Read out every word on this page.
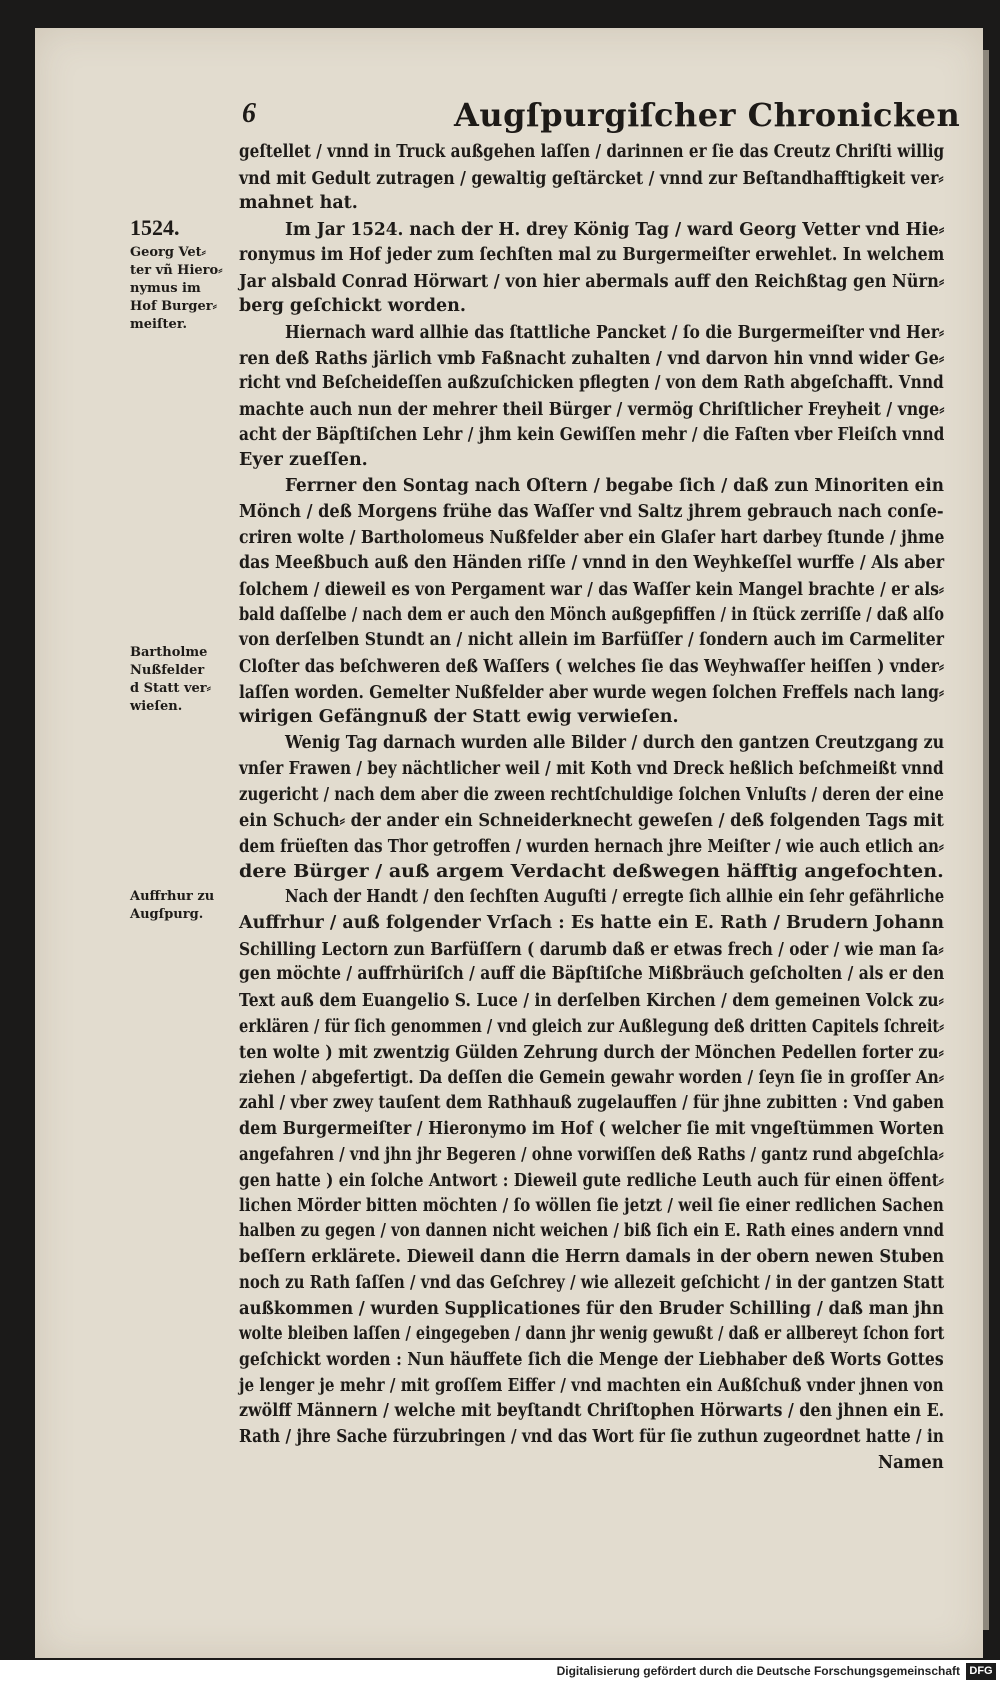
6	Augſpurgiſcher Chronicken
geſtellet / vnnd in Truck außgehen laſſen / darinnen er ſie das Creutz Chriſti willig
vnd mit Gedult zutragen / gewaltig geſtärcket / vnnd zur Beſtandhafftigkeit ver⸗
mahnet hat.
Im Jar 1524. nach der H. drey König Tag / ward Georg Vetter vnd Hie⸗
ronymus im Hof jeder zum ſechſten mal zu Burgermeiſter erwehlet. In welchem
Jar alsbald Conrad Hörwart / von hier abermals auff den Reichßtag gen Nürn⸗
berg geſchickt worden.
Hiernach ward allhie das ſtattliche Pancket / ſo die Burgermeiſter vnd Her⸗
ren deß Raths järlich vmb Faßnacht zuhalten / vnd darvon hin vnnd wider Ge⸗
richt vnd Beſcheideſſen außzuſchicken pflegten / von dem Rath abgeſchafft. Vnnd
machte auch nun der mehrer theil Bürger / vermög Chriſtlicher Freyheit / vnge⸗
acht der Bäpſtiſchen Lehr / jhm kein Gewiſſen mehr / die Faſten vber Fleiſch vnnd
Eyer zueſſen.
Ferrner den Sontag nach Oſtern / begabe ſich / daß zun Minoriten ein
Mönch / deß Morgens frühe das Waſſer vnd Saltz jhrem gebrauch nach conſe-
criren wolte / Bartholomeus Nußfelder aber ein Glaſer hart darbey ſtunde / jhme
das Meeßbuch auß den Händen riſſe / vnnd in den Weyhkeſſel wurffe / Als aber
ſolchem / dieweil es von Pergament war / das Waſſer kein Mangel brachte / er als⸗
bald daſſelbe / nach dem er auch den Mönch außgepfiffen / in ſtück zerriſſe / daß alſo
von derſelben Stundt an / nicht allein im Barfüſſer / ſondern auch im Carmeliter
Cloſter das beſchweren deß Waſſers ( welches ſie das Weyhwaſſer heiſſen ) vnder⸗
laſſen worden. Gemelter Nußfelder aber wurde wegen ſolchen Freffels nach lang⸗
wirigen Gefängnuß der Statt ewig verwieſen.
Wenig Tag darnach wurden alle Bilder / durch den gantzen Creutzgang zu
vnſer Frawen / bey nächtlicher weil / mit Koth vnd Dreck heßlich beſchmeißt vnnd
zugericht / nach dem aber die zween rechtſchuldige ſolchen Vnluſts / deren der eine
ein Schuch⸗ der ander ein Schneiderknecht geweſen / deß folgenden Tags mit
dem früeſten das Thor getroffen / wurden hernach jhre Meiſter / wie auch etlich an⸗
dere Bürger / auß argem Verdacht deßwegen häfftig angefochten.
Nach der Handt / den ſechſten Auguſti / erregte ſich allhie ein ſehr gefährliche
Auffrhur / auß folgender Vrſach : Es hatte ein E. Rath / Brudern Johann
Schilling Lectorn zun Barfüſſern ( darumb daß er etwas frech / oder / wie man ſa⸗
gen möchte / auffrhüriſch / auff die Bäpſtiſche Mißbräuch geſcholten / als er den
Text auß dem Euangelio S. Luce / in derſelben Kirchen / dem gemeinen Volck zu⸗
erklären / für ſich genommen / vnd gleich zur Außlegung deß dritten Capitels ſchreit⸗
ten wolte ) mit zwentzig Gülden Zehrung durch der Mönchen Pedellen forter zu⸗
ziehen / abgefertigt. Da deſſen die Gemein gewahr worden / ſeyn ſie in groſſer An⸗
zahl / vber zwey tauſent dem Rathhauß zugelauffen / für jhne zubitten : Vnd gaben
dem Burgermeiſter / Hieronymo im Hof ( welcher ſie mit vngeſtümmen Worten
angefahren / vnd jhn jhr Begeren / ohne vorwiſſen deß Raths / gantz rund abgeſchla⸗
gen hatte ) ein ſolche Antwort : Dieweil gute redliche Leuth auch für einen öffent⸗
lichen Mörder bitten möchten / ſo wöllen ſie jetzt / weil ſie einer redlichen Sachen
halben zu gegen / von dannen nicht weichen / biß ſich ein E. Rath eines andern vnnd
beſſern erklärete. Dieweil dann die Herrn damals in der obern newen Stuben
noch zu Rath ſaſſen / vnd das Geſchrey / wie allezeit geſchicht / in der gantzen Statt
außkommen / wurden Supplicationes für den Bruder Schilling / daß man jhn
wolte bleiben laſſen / eingegeben / dann jhr wenig gewußt / daß er allbereyt ſchon fort
geſchickt worden : Nun häuffete ſich die Menge der Liebhaber deß Worts Gottes
je lenger je mehr / mit groſſem Eiffer / vnd machten ein Außſchuß vnder jhnen von
zwölff Männern / welche mit beyſtandt Chriſtophen Hörwarts / den jhnen ein E.
Rath / jhre Sache fürzubringen / vnd das Wort für ſie zuthun zugeordnet hatte / in
Namen
1524.
Georg Vet⸗
ter vñ Hiero⸗
nymus im
Hof Burger⸗
meiſter.
Bartholme
Nußfelder
d Statt ver⸗
wieſen.
Auffrhur zu
Augſpurg.
Digitalisierung gefördert durch die Deutsche Forschungsgemeinschaft DFG
